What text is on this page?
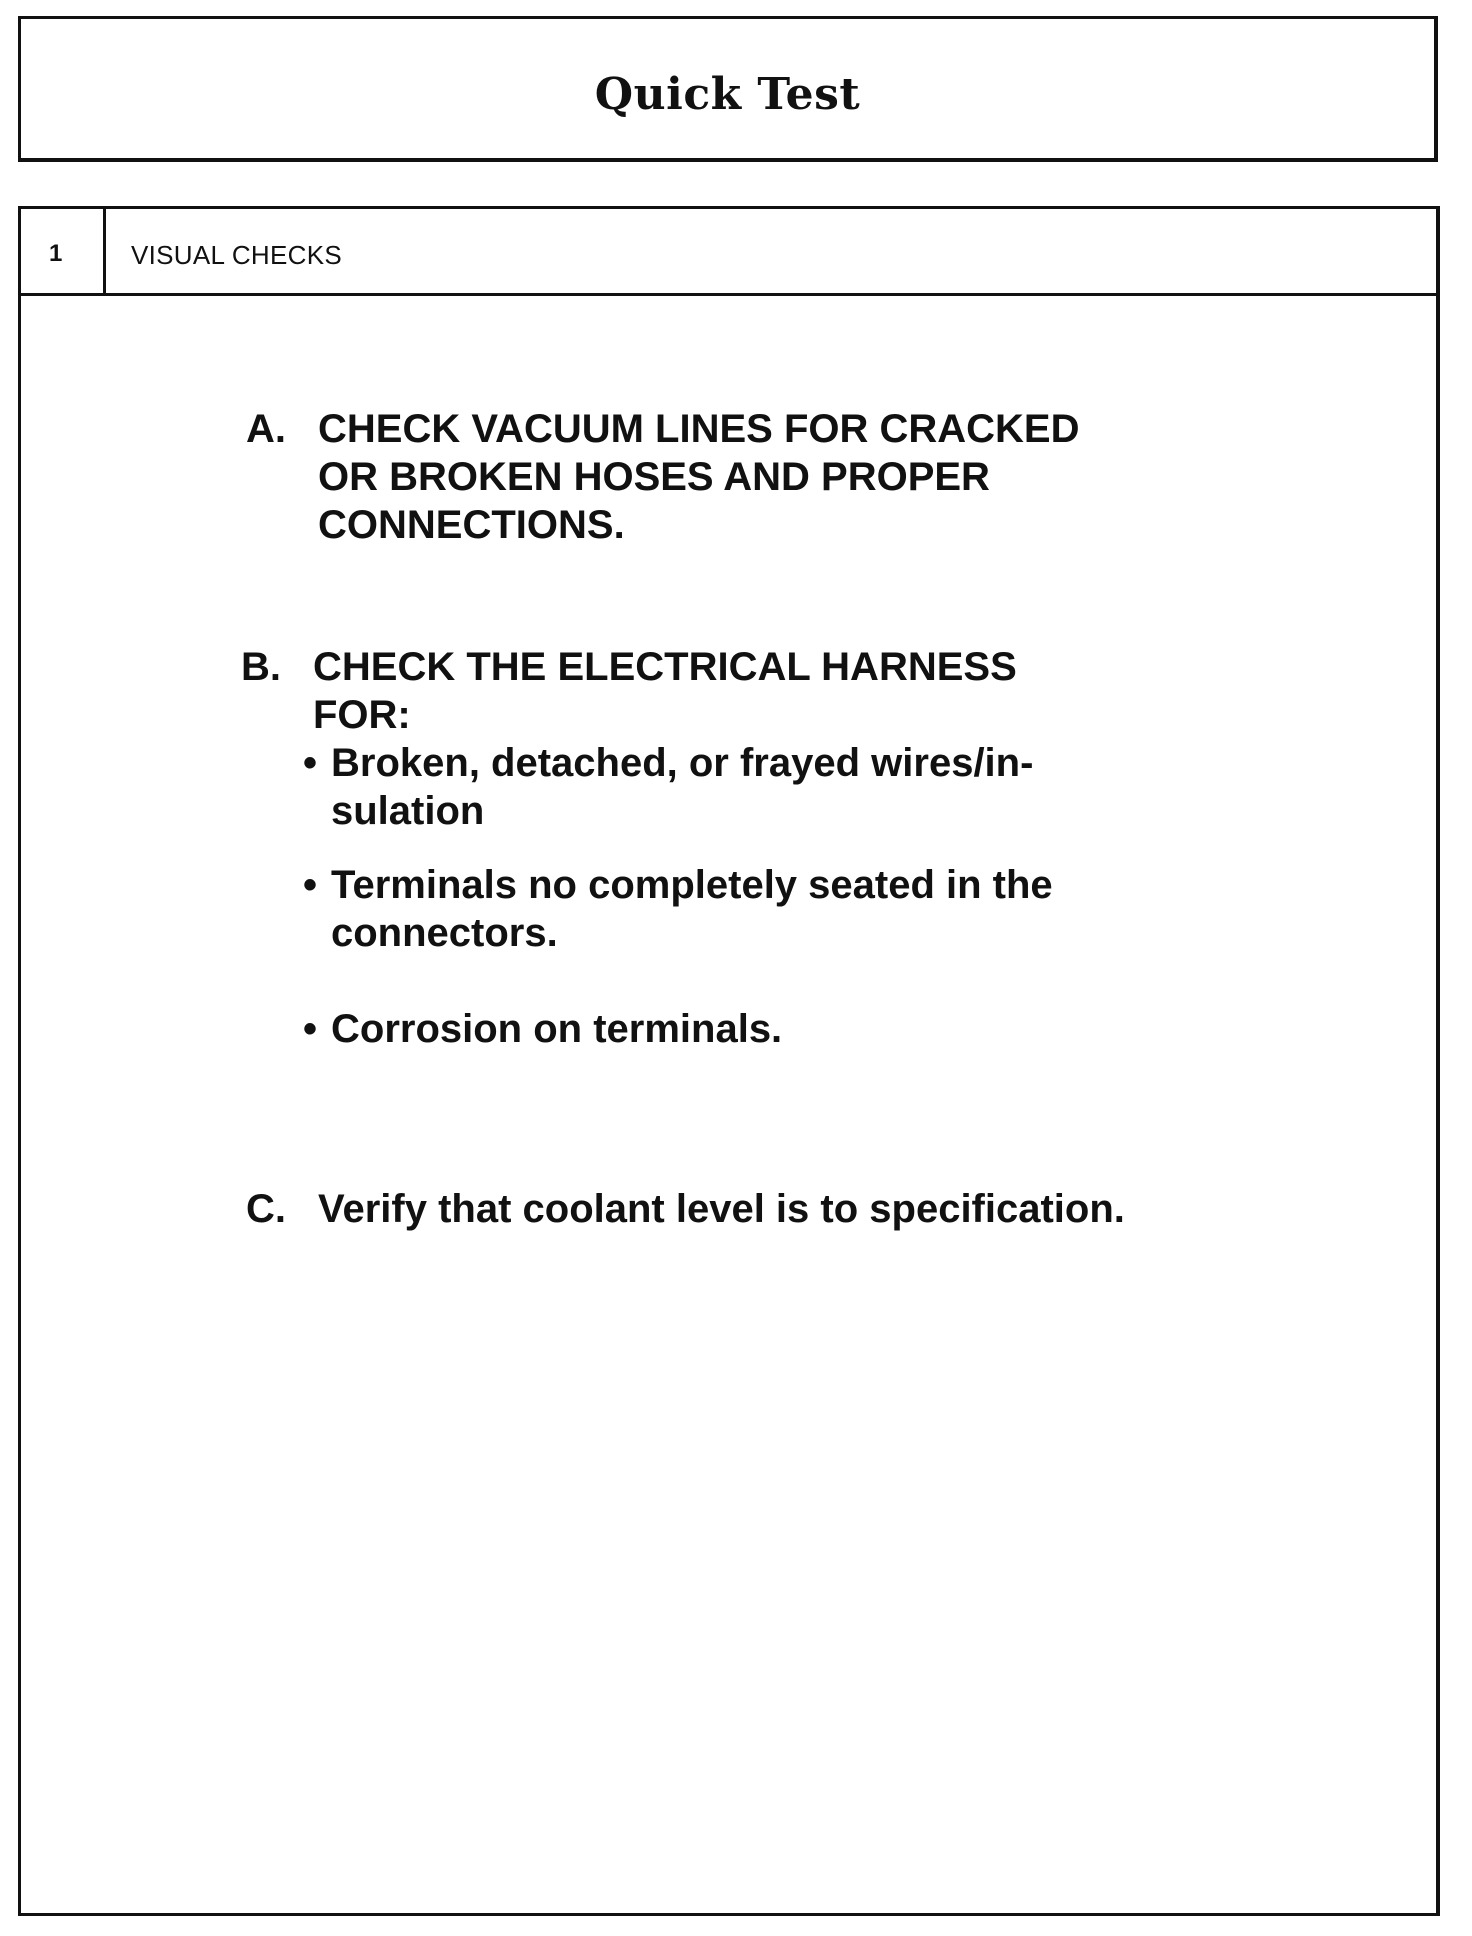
Quick Test
1	VISUAL CHECKS
A. CHECK VACUUM LINES FOR CRACKED
OR BROKEN HOSES AND PROPER
CONNECTIONS.
B. CHECK THE ELECTRICAL HARNESS
FOR:
• Broken, detached, or frayed wires/in-
sulation
• Terminals no completely seated in the
connectors.
• Corrosion on terminals.
C. Verify that coolant level is to specification.
